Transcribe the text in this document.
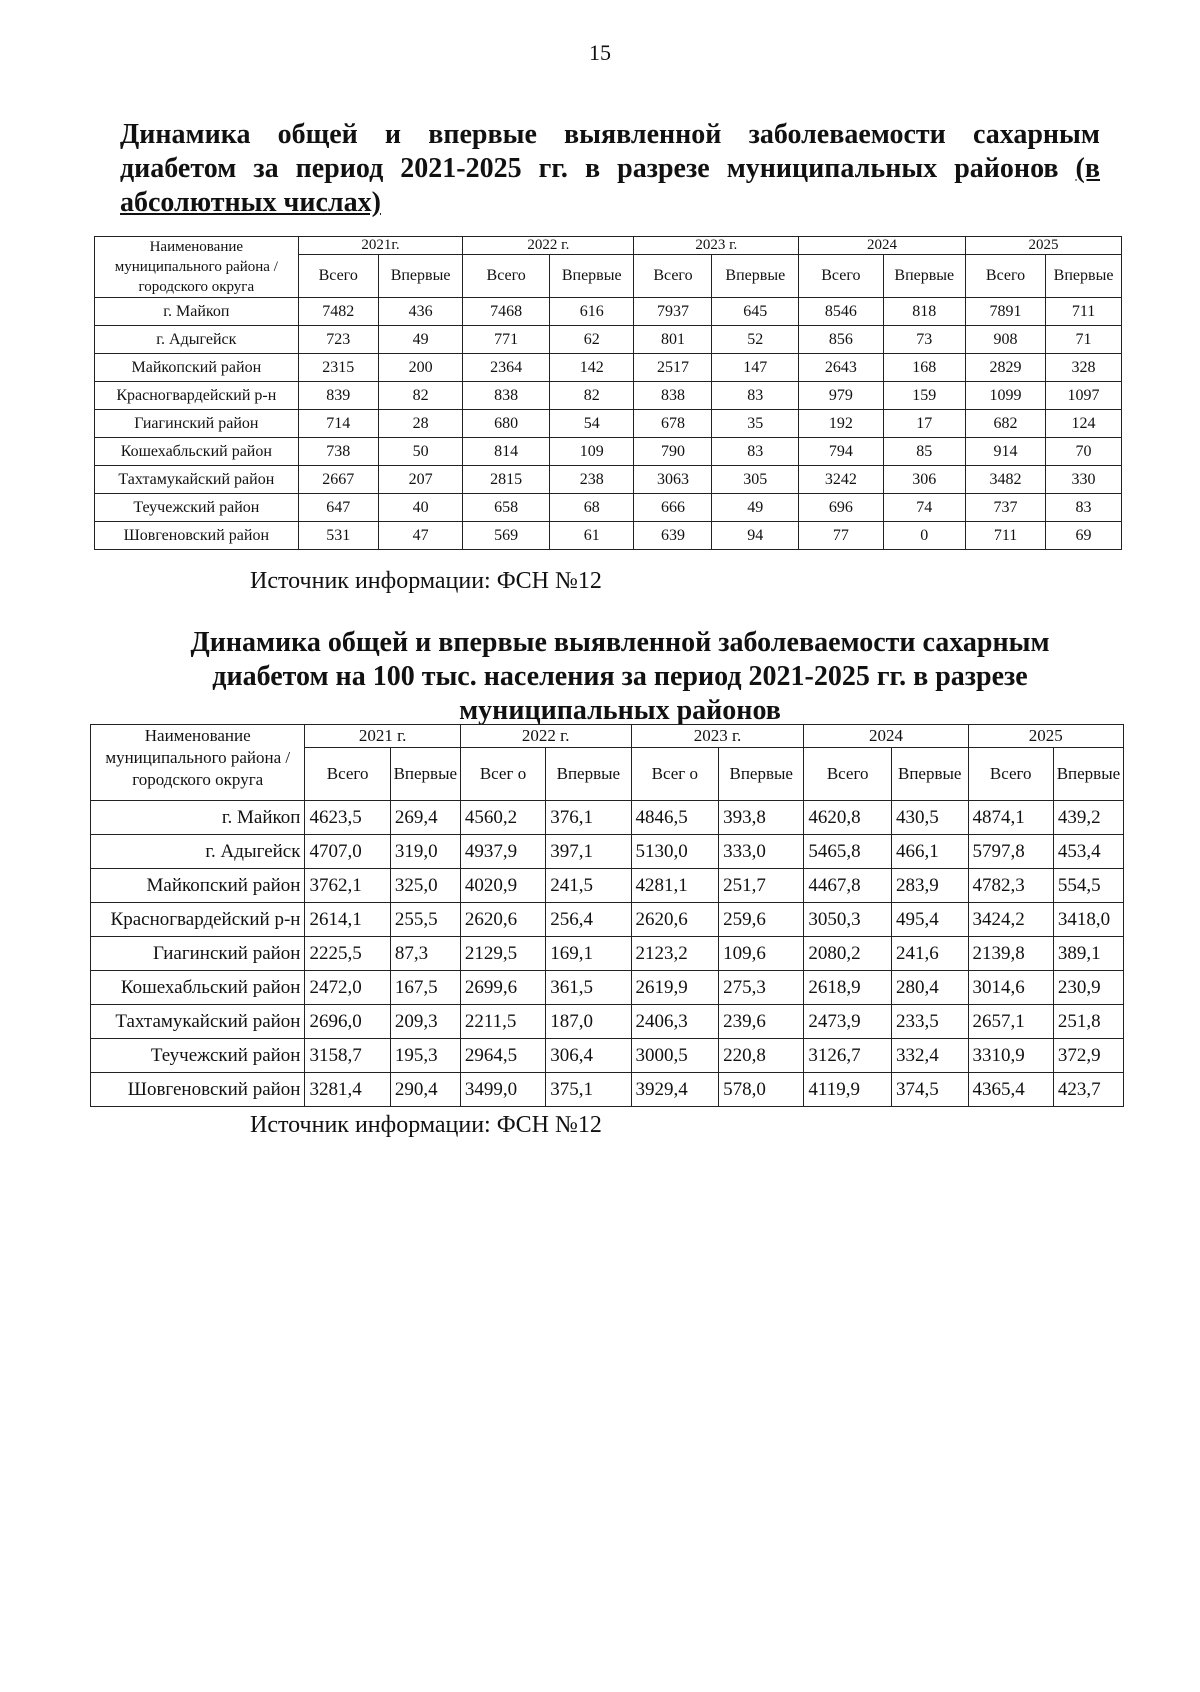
15
Динамика общей и впервые выявленной заболеваемости сахарным диабетом за период 2021-2025 гг. в разрезе муниципальных районов (в абсолютных числах)
Наименование муниципального района / городского округа	2021г.		2022 г.		2023 г.		2024		2025	
	Всего	Впервые	Всего	Впервые	Всего	Впервые	Всего	Впервые	Всего	Впервые
г. Майкоп	7482	436	7468	616	7937	645	8546	818	7891	711
г. Адыгейск	723	49	771	62	801	52	856	73	908	71
Майкопский район	2315	200	2364	142	2517	147	2643	168	2829	328
Красногвардейский р-н	839	82	838	82	838	83	979	159	1099	1097
Гиагинский район	714	28	680	54	678	35	192	17	682	124
Кошехабльский район	738	50	814	109	790	83	794	85	914	70
Тахтамукайский район	2667	207	2815	238	3063	305	3242	306	3482	330
Теучежский район	647	40	658	68	666	49	696	74	737	83
Шовгеновский район	531	47	569	61	639	94	77	0	711	69
Источник информации: ФСН №12
Динамика общей и впервые выявленной заболеваемости сахарным диабетом на 100 тыс. населения за период 2021-2025 гг. в разрезе муниципальных районов
Наименование муниципального района / городского округа	2021 г.		2022 г.		2023 г.		2024		2025	
	Всего	Впервые	Всег о	Впервые	Всег о	Впервые	Всего	Впервые	Всего	Впервые
г. Майкоп	4623,5	269,4	4560,2	376,1	4846,5	393,8	4620,8	430,5	4874,1	439,2
г. Адыгейск	4707,0	319,0	4937,9	397,1	5130,0	333,0	5465,8	466,1	5797,8	453,4
Майкопский район	3762,1	325,0	4020,9	241,5	4281,1	251,7	4467,8	283,9	4782,3	554,5
Красногвардейский р-н	2614,1	255,5	2620,6	256,4	2620,6	259,6	3050,3	495,4	3424,2	3418,0
Гиагинский район	2225,5	87,3	2129,5	169,1	2123,2	109,6	2080,2	241,6	2139,8	389,1
Кошехабльский район	2472,0	167,5	2699,6	361,5	2619,9	275,3	2618,9	280,4	3014,6	230,9
Тахтамукайский район	2696,0	209,3	2211,5	187,0	2406,3	239,6	2473,9	233,5	2657,1	251,8
Теучежский район	3158,7	195,3	2964,5	306,4	3000,5	220,8	3126,7	332,4	3310,9	372,9
Шовгеновский район	3281,4	290,4	3499,0	375,1	3929,4	578,0	4119,9	374,5	4365,4	423,7
Источник информации: ФСН №12
